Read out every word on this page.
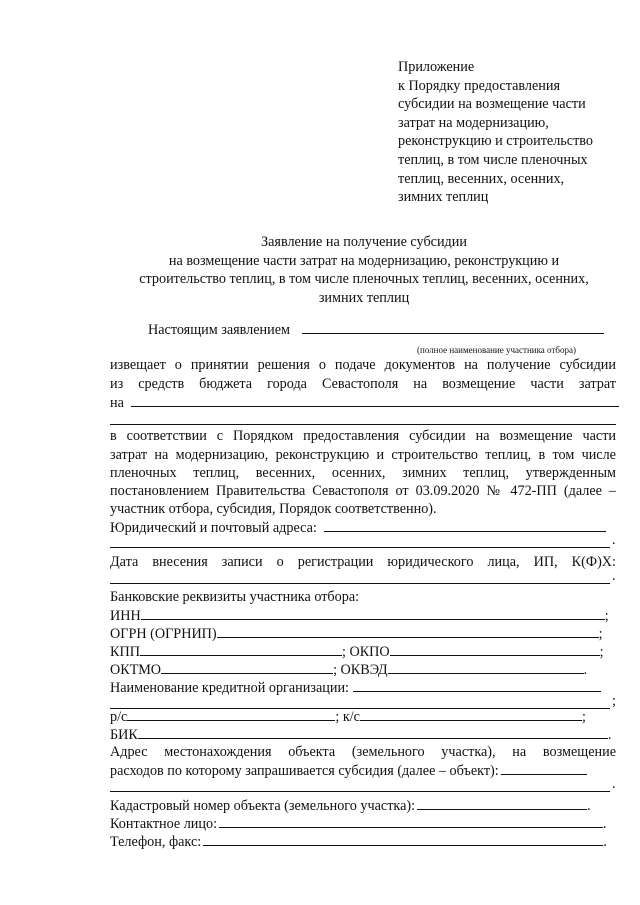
Приложение
к Порядку предоставления
субсидии на возмещение части
затрат на модернизацию,
реконструкцию и строительство
теплиц, в том числе пленочных
теплиц, весенних, осенних,
зимних теплиц
Заявление на получение субсидии
на возмещение части затрат на модернизацию, реконструкцию и
строительство теплиц, в том числе пленочных теплиц, весенних, осенних,
зимних теплиц
Настоящим заявлением
(полное наименование участника отбора)
извещает о принятии решения о подаче документов на получение субсидии
из средств бюджета города Севастополя на возмещение части затрат
на
в соответствии с Порядком предоставления субсидии на возмещение части
затрат на модернизацию, реконструкцию и строительство теплиц, в том числе
пленочных теплиц, весенних, осенних, зимних теплиц, утвержденным
постановлением Правительства Севастополя от 03.09.2020 № 472-ПП (далее –
участник отбора, субсидия, Порядок соответственно).
Юридический и почтовый адреса:
.
Дата внесения записи о регистрации юридического лица, ИП, К(Ф)Х:
.
Банковские реквизиты участника отбора:
ИНН	;
ОГРН (ОГРНИП)	;
КПП	; ОКПО	;
ОКТМО	; ОКВЭД	.
Наименование кредитной организации:
;
р/с	; к/с	;
БИК	.
Адрес местонахождения объекта (земельного участка), на возмещение
расходов по которому запрашивается субсидия (далее – объект):
.
Кадастровый номер объекта (земельного участка):	.
Контактное лицо:	.
Телефон, факс:	.
